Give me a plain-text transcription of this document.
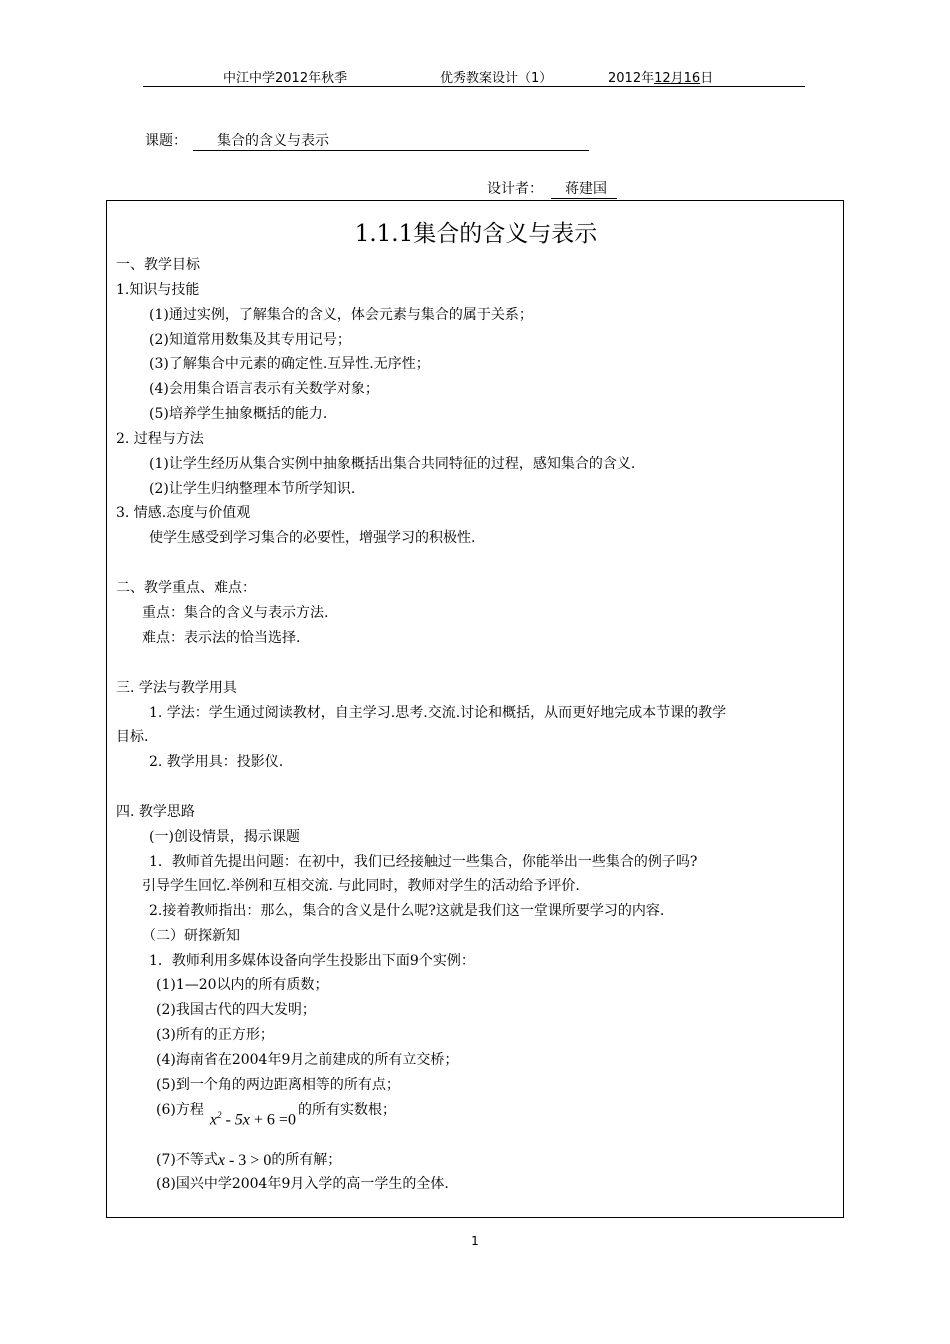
中江中学2012年秋季	优秀教案设计（1）	2012年12月16日
课题：	集合的含义与表示
设计者：	蒋建国
1.1.1集合的含义与表示
一、教学目标
1.知识与技能
(1)通过实例，了解集合的含义，体会元素与集合的属于关系；
(2)知道常用数集及其专用记号；
(3)了解集合中元素的确定性.互异性.无序性；
(4)会用集合语言表示有关数学对象；
(5)培养学生抽象概括的能力.
2. 过程与方法
(1)让学生经历从集合实例中抽象概括出集合共同特征的过程，感知集合的含义.
(2)让学生归纳整理本节所学知识.
3. 情感.态度与价值观
使学生感受到学习集合的必要性，增强学习的积极性.
二、教学重点、难点：
重点：集合的含义与表示方法.
难点：表示法的恰当选择.
三. 学法与教学用具
1. 学法：学生通过阅读教材，自主学习.思考.交流.讨论和概括，从而更好地完成本节课的教学
目标.
2. 教学用具：投影仪.
四. 教学思路
(一)创设情景，揭示课题
1．教师首先提出问题：在初中，我们已经接触过一些集合，你能举出一些集合的例子吗?
引导学生回忆.举例和互相交流. 与此同时，教师对学生的活动给予评价.
2.接着教师指出：那么，集合的含义是什么呢?这就是我们这一堂课所要学习的内容.
（二）研探新知
1．教师利用多媒体设备向学生投影出下面9个实例：
(1)1—20以内的所有质数；
(2)我国古代的四大发明；
(3)所有的正方形；
(4)海南省在2004年9月之前建成的所有立交桥；
(5)到一个角的两边距离相等的所有点；
(6)方程$x^2 - 5x + 6 =0$的所有实数根；
(7)不等式x - 3 > 0的所有解；
(8)国兴中学2004年9月入学的高一学生的全体.
1
